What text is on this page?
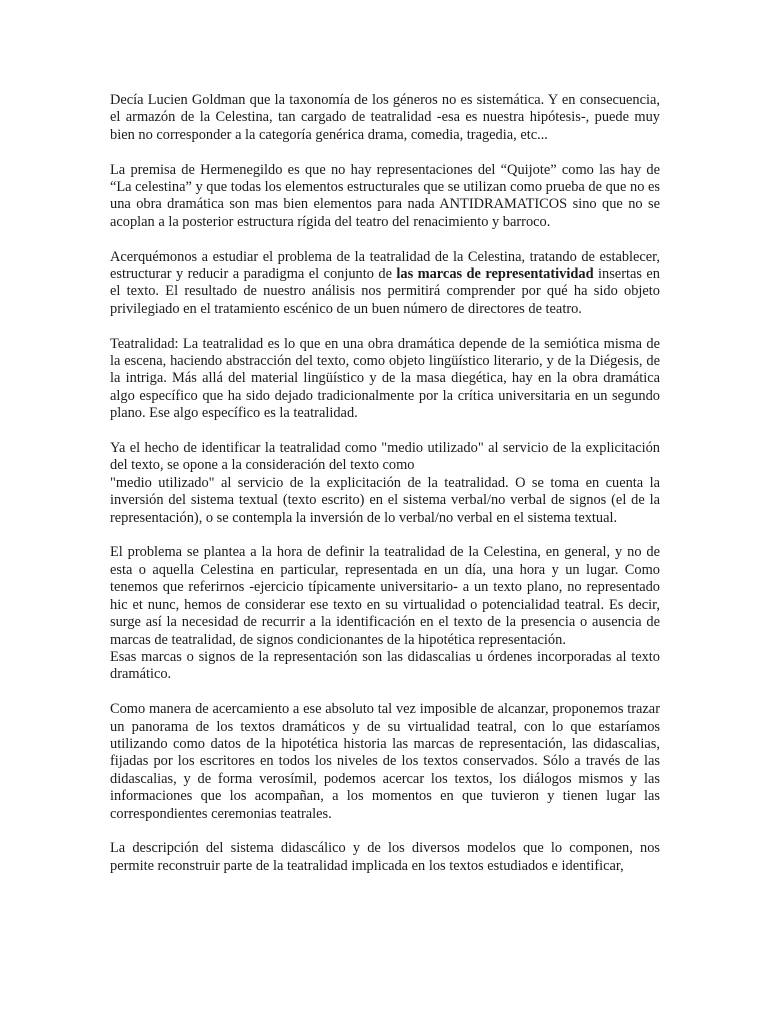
Decía Lucien Goldman que la taxonomía de los géneros no es sistemática. Y en consecuencia, el armazón de la Celestina, tan cargado de teatralidad -esa es nuestra hipótesis-, puede muy bien no corresponder a la categoría genérica drama, comedia, tragedia, etc...

La premisa de Hermenegildo es que no hay representaciones del “Quijote” como las hay de “La celestina” y que todas los elementos estructurales que se utilizan como prueba de que no es una obra dramática son mas bien elementos para nada ANTIDRAMATICOS sino que no se acoplan a la posterior estructura rígida del teatro del renacimiento y barroco.

Acerquémonos a estudiar el problema de la teatralidad de la Celestina, tratando de establecer, estructurar y reducir a paradigma el conjunto de las marcas de representatividad insertas en el texto. El resultado de nuestro análisis nos permitirá comprender por qué ha sido objeto privilegiado en el tratamiento escénico de un buen número de directores de teatro.

Teatralidad: La teatralidad es lo que en una obra dramática depende de la semiótica misma de la escena, haciendo abstracción del texto, como objeto lingüístico literario, y de la Diégesis, de la intriga. Más allá del material lingüístico y de la masa diegética, hay en la obra dramática algo específico que ha sido dejado tradicionalmente por la crítica universitaria en un segundo plano. Ese algo específico es la teatralidad.

Ya el hecho de identificar la teatralidad como "medio utilizado" al servicio de la explicitación del texto, se opone a la consideración del texto como
"medio utilizado" al servicio de la explicitación de la teatralidad. O se toma en cuenta la inversión del sistema textual (texto escrito) en el sistema verbal/no verbal de signos (el de la representación), o se contempla la inversión de lo verbal/no verbal en el sistema textual.

El problema se plantea a la hora de definir la teatralidad de la Celestina, en general, y no de esta o aquella Celestina en particular, representada en un día, una hora y un lugar. Como tenemos que referirnos -ejercicio típicamente universitario- a un texto plano, no representado hic et nunc, hemos de considerar ese texto en su virtualidad o potencialidad teatral. Es decir, surge así la necesidad de recurrir a la identificación en el texto de la presencia o ausencia de marcas de teatralidad, de signos condicionantes de la hipotética representación.
Esas marcas o signos de la representación son las didascalias u órdenes incorporadas al texto dramático.

Como manera de acercamiento a ese absoluto tal vez imposible de alcanzar, proponemos trazar un panorama de los textos dramáticos y de su virtualidad teatral, con lo que estaríamos utilizando como datos de la hipotética historia las marcas de representación, las didascalias, fijadas por los escritores en todos los niveles de los textos conservados. Sólo a través de las didascalias, y de forma verosímil, podemos acercar los textos, los diálogos mismos y las informaciones que los acompañan, a los momentos en que tuvieron y tienen lugar las correspondientes ceremonias teatrales.

La descripción del sistema didascálico y de los diversos modelos que lo componen, nos permite reconstruir parte de la teatralidad implicada en los textos estudiados e identificar,
